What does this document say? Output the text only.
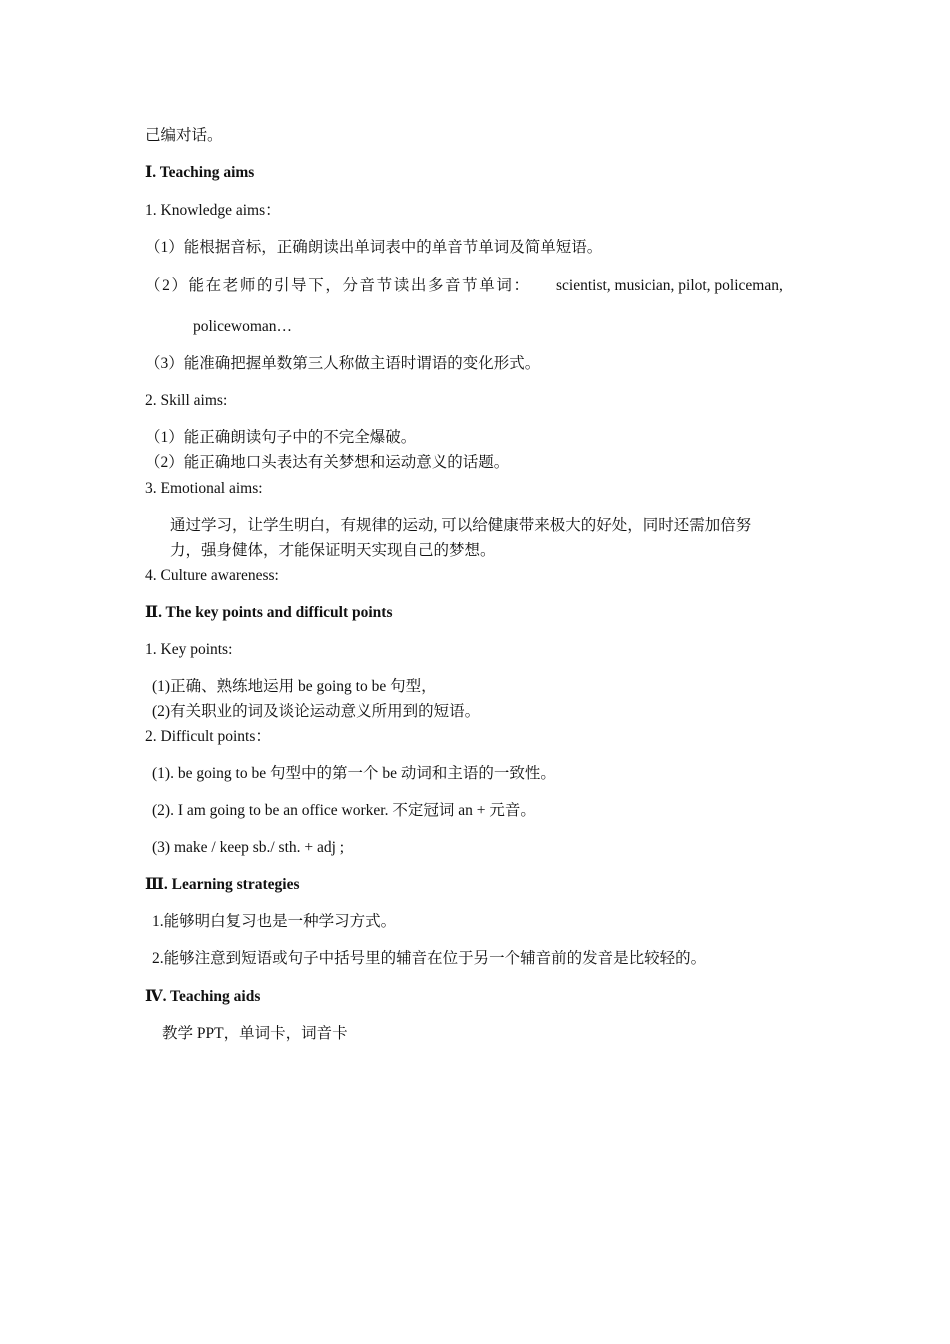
己编对话。
Ⅰ. Teaching aims
1. Knowledge aims：
（1）能根据音标，正确朗读出单词表中的单音节单词及简单短语。
（2）能在老师的引导下，分音节读出多音节单词： scientist, musician, pilot, policeman,
policewoman…
（3）能准确把握单数第三人称做主语时谓语的变化形式。
2. Skill aims:
（1）能正确朗读句子中的不完全爆破。
（2）能正确地口头表达有关梦想和运动意义的话题。
3. Emotional aims:
通过学习，让学生明白，有规律的运动, 可以给健康带来极大的好处，同时还需加倍努
力，强身健体，才能保证明天实现自己的梦想。
4. Culture awareness:
Ⅱ. The key points and difficult points
1. Key points:
(1)正确、熟练地运用 be going to be 句型，
(2)有关职业的词及谈论运动意义所用到的短语。
2. Difficult points：
(1). be going to be 句型中的第一个 be 动词和主语的一致性。
(2). I am going to be an office worker. 不定冠词 an + 元音。
(3) make / keep sb./ sth. + adj ;
Ⅲ. Learning strategies
1.能够明白复习也是一种学习方式。
2.能够注意到短语或句子中括号里的辅音在位于另一个辅音前的发音是比较轻的。
Ⅳ. Teaching aids
教学 PPT，单词卡，词音卡
